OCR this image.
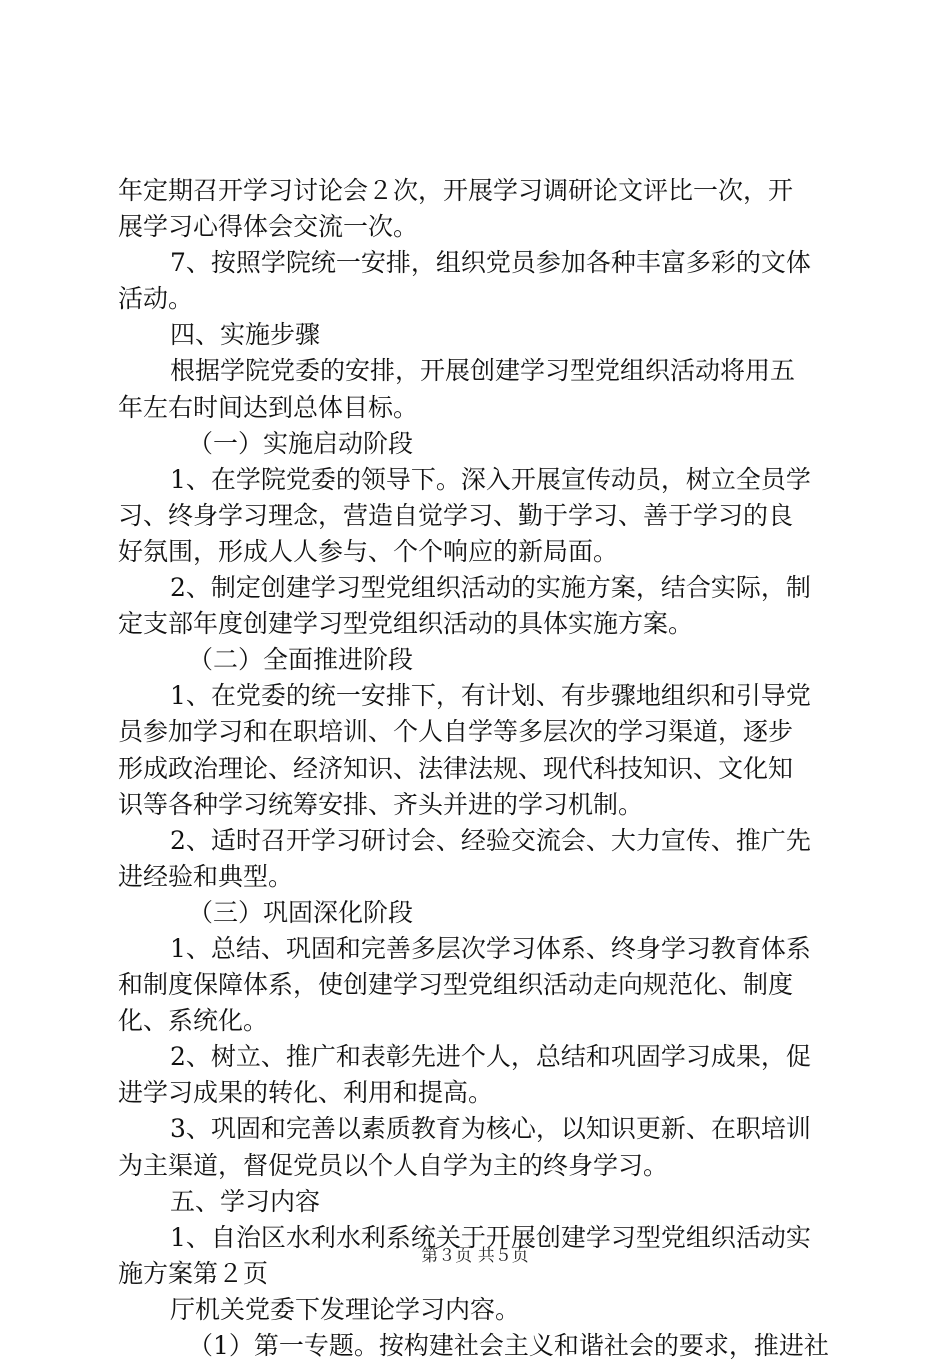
年定期召开学习讨论会２次，开展学习调研论文评比一次，开
展学习心得体会交流一次。
7、按照学院统一安排，组织党员参加各种丰富多彩的文体
活动。
四、实施步骤
根据学院党委的安排，开展创建学习型党组织活动将用五
年左右时间达到总体目标。
（一）实施启动阶段
1、在学院党委的领导下。深入开展宣传动员，树立全员学
习、终身学习理念，营造自觉学习、勤于学习、善于学习的良
好氛围，形成人人参与、个个响应的新局面。
2、制定创建学习型党组织活动的实施方案，结合实际，制
定支部年度创建学习型党组织活动的具体实施方案。
（二）全面推进阶段
1、在党委的统一安排下，有计划、有步骤地组织和引导党
员参加学习和在职培训、个人自学等多层次的学习渠道，逐步
形成政治理论、经济知识、法律法规、现代科技知识、文化知
识等各种学习统筹安排、齐头并进的学习机制。
2、适时召开学习研讨会、经验交流会、大力宣传、推广先
进经验和典型。
（三）巩固深化阶段
1、总结、巩固和完善多层次学习体系、终身学习教育体系
和制度保障体系，使创建学习型党组织活动走向规范化、制度
化、系统化。
2、树立、推广和表彰先进个人，总结和巩固学习成果，促
进学习成果的转化、利用和提高。
3、巩固和完善以素质教育为核心，以知识更新、在职培训
为主渠道，督促党员以个人自学为主的终身学习。
五、学习内容
1、自治区水利水利系统关于开展创建学习型党组织活动实
施方案第２页
厅机关党委下发理论学习内容。
（1）第一专题。按构建社会主义和谐社会的要求，推进社
第３页 共５页
